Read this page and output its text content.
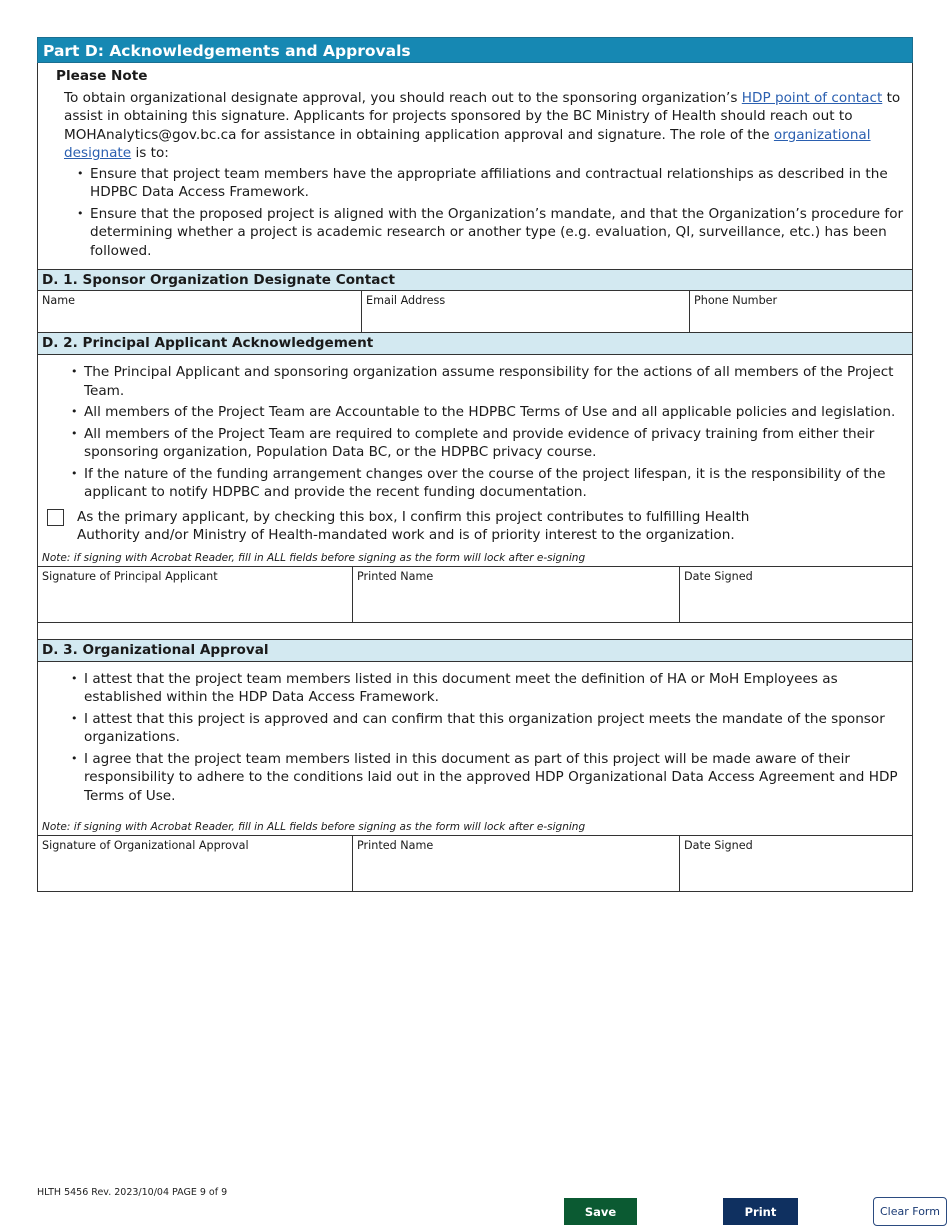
Part D: Acknowledgements and Approvals
Please Note
To obtain organizational designate approval, you should reach out to the sponsoring organization’s HDP point of contact to assist in obtaining this signature. Applicants for projects sponsored by the BC Ministry of Health should reach out to MOHAnalytics@gov.bc.ca for assistance in obtaining application approval and signature. The role of the organizational designate is to:
• Ensure that project team members have the appropriate affiliations and contractual relationships as described in the HDPBC Data Access Framework.
• Ensure that the proposed project is aligned with the Organization’s mandate, and that the Organization’s procedure for determining whether a project is academic research or another type (e.g. evaluation, QI, surveillance, etc.) has been followed.
D. 1. Sponsor Organization Designate Contact
Name	Email Address	Phone Number
D. 2. Principal Applicant Acknowledgement
• The Principal Applicant and sponsoring organization assume responsibility for the actions of all members of the Project Team.
• All members of the Project Team are Accountable to the HDPBC Terms of Use and all applicable policies and legislation.
• All members of the Project Team are required to complete and provide evidence of privacy training from either their sponsoring organization, Population Data BC, or the HDPBC privacy course.
• If the nature of the funding arrangement changes over the course of the project lifespan, it is the responsibility of the applicant to notify HDPBC and provide the recent funding documentation.
As the primary applicant, by checking this box, I confirm this project contributes to fulfilling Health Authority and/or Ministry of Health-mandated work and is of priority interest to the organization.
Note: if signing with Acrobat Reader, fill in ALL fields before signing as the form will lock after e-signing
Signature of Principal Applicant	Printed Name	Date Signed
D. 3. Organizational Approval
• I attest that the project team members listed in this document meet the definition of HA or MoH Employees as established within the HDP Data Access Framework.
• I attest that this project is approved and can confirm that this organization project meets the mandate of the sponsor organizations.
• I agree that the project team members listed in this document as part of this project will be made aware of their responsibility to adhere to the conditions laid out in the approved HDP Organizational Data Access Agreement and HDP Terms of Use.
Note: if signing with Acrobat Reader, fill in ALL fields before signing as the form will lock after e-signing
Signature of Organizational Approval	Printed Name	Date Signed
HLTH 5456 Rev. 2023/10/04 PAGE 9 of 9
Save	Print	Clear Form
